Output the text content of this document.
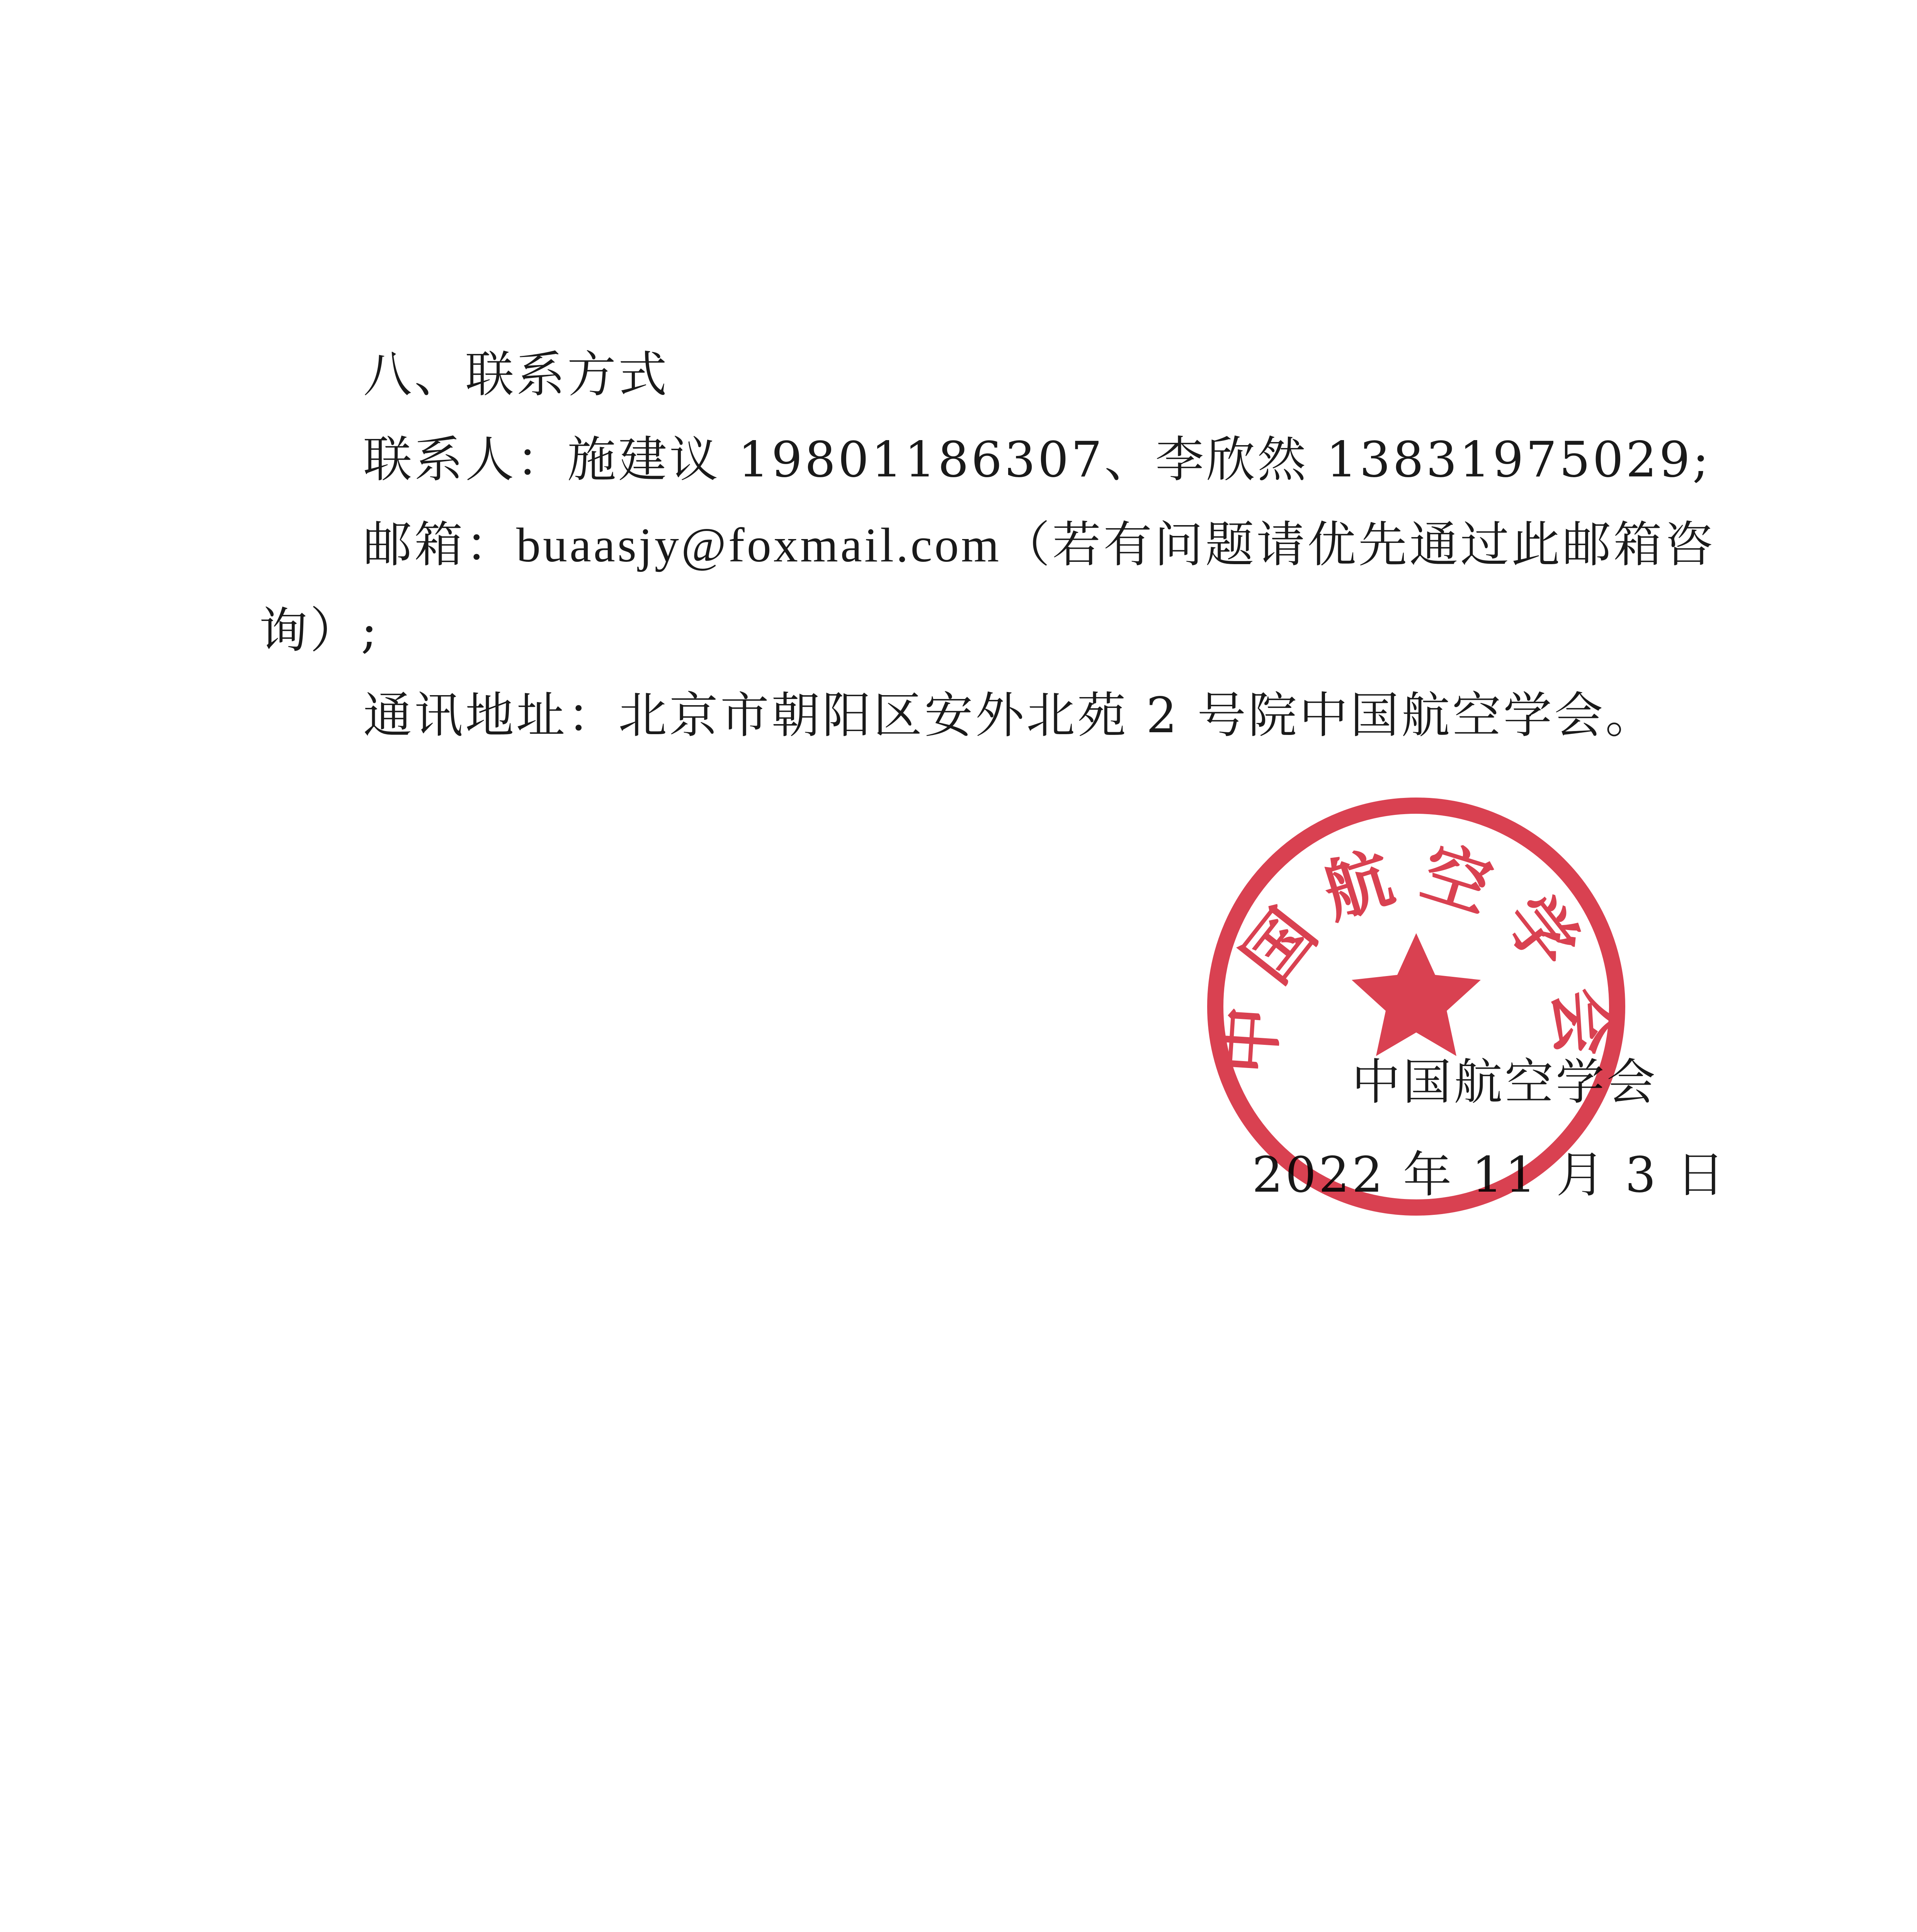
八、联系方式

联系人：施建议 19801186307、李欣然 13831975029;

邮箱：buaasjy@foxmail.com（若有问题请优先通过此邮箱咨

询）;

通讯地址：北京市朝阳区安外北苑 2 号院中国航空学会。

中国航空学会
中国航空学会
2022 年 11 月 3 日
